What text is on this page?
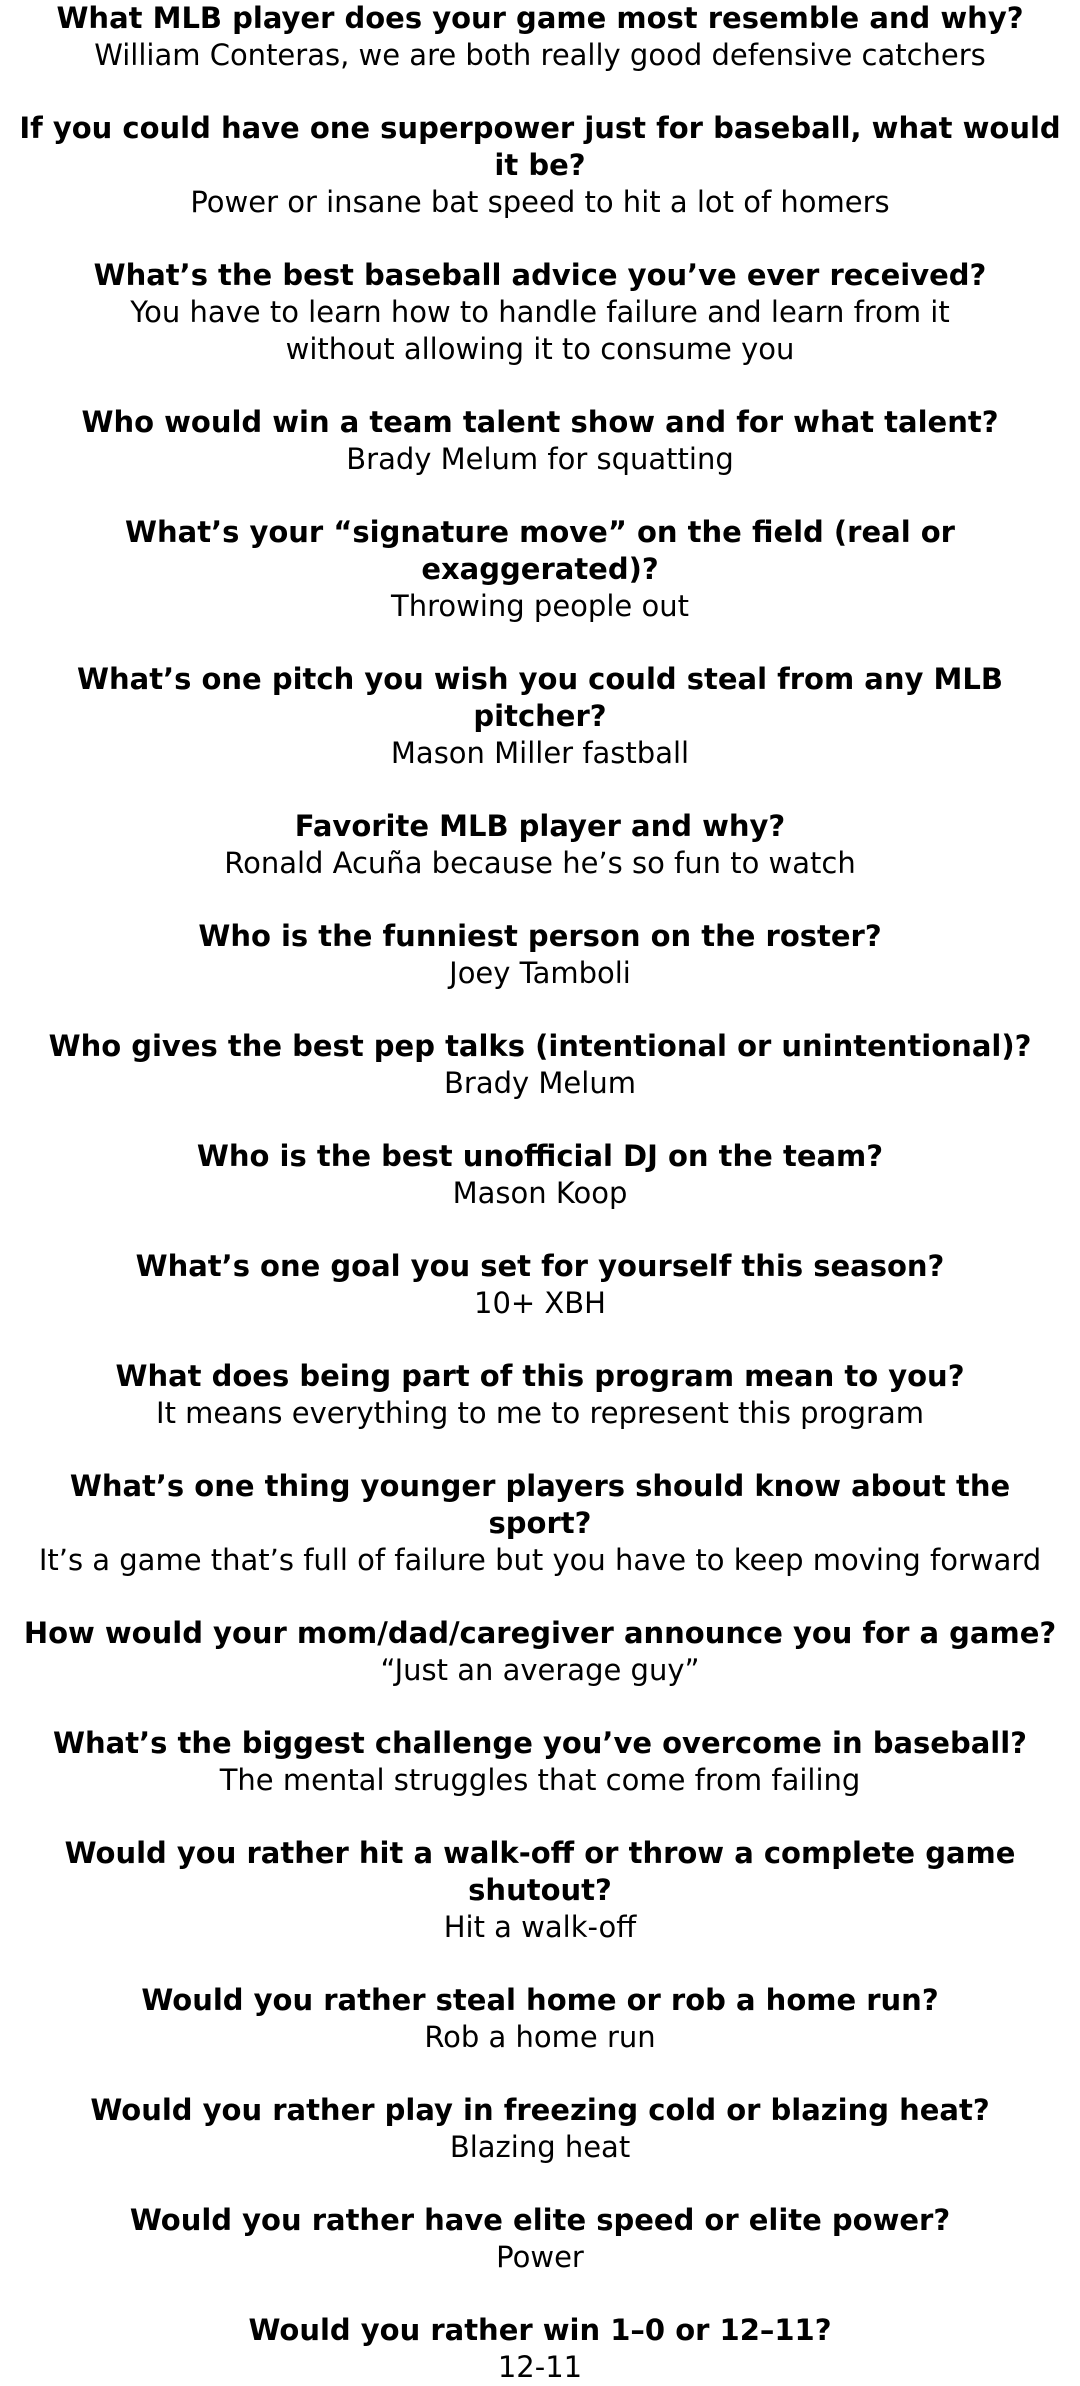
What MLB player does your game most resemble and why?

William Conteras, we are both really good defensive catchers

If you could have one superpower just for baseball, what would it be?

Power or insane bat speed to hit a lot of homers

What’s the best baseball advice you’ve ever received?

You have to learn how to handle failure and learn from it without allowing it to consume you

Who would win a team talent show and for what talent?

Brady Melum for squatting

What’s your “signature move” on the field (real or exaggerated)?

Throwing people out

What’s one pitch you wish you could steal from any MLB pitcher?

Mason Miller fastball

Favorite MLB player and why?

Ronald Acuña because he’s so fun to watch

Who is the funniest person on the roster?

Joey Tamboli

Who gives the best pep talks (intentional or unintentional)?

Brady Melum

Who is the best unofficial DJ on the team?

Mason Koop

What’s one goal you set for yourself this season?

10+ XBH

What does being part of this program mean to you?

It means everything to me to represent this program

What’s one thing younger players should know about the sport?

It’s a game that’s full of failure but you have to keep moving forward

How would your mom/dad/caregiver announce you for a game?

“Just an average guy”

What’s the biggest challenge you’ve overcome in baseball?

The mental struggles that come from failing

Would you rather hit a walk-off or throw a complete game shutout?

Hit a walk-off

Would you rather steal home or rob a home run?

Rob a home run

Would you rather play in freezing cold or blazing heat?

Blazing heat

Would you rather have elite speed or elite power?

Power

Would you rather win 1–0 or 12–11?

12-11
